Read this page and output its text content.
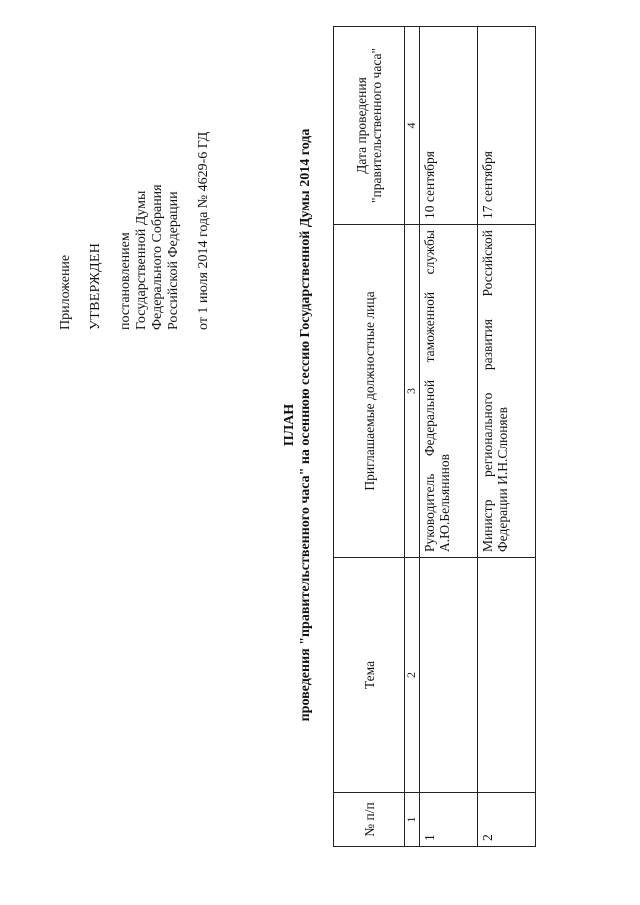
Приложение УТВЕРЖДЕН постановлением Государственной Думы Федерального Собрания Российской Федерации от 1 июля 2014 года № 4629-6 ГД
ПЛАН проведения "правительственного часа" на осеннюю сессию Государственной Думы 2014 года
№ п/п	Тема	Приглашаемые должностные лица	Дата проведения "правительственного часа"
1	2	3	4
1		Руководитель Федеральной таможенной службы А.Ю.Бельянинов	10 сентября
2		Министр регионального развития Российской Федерации И.Н.Слюняев	17 сентября
